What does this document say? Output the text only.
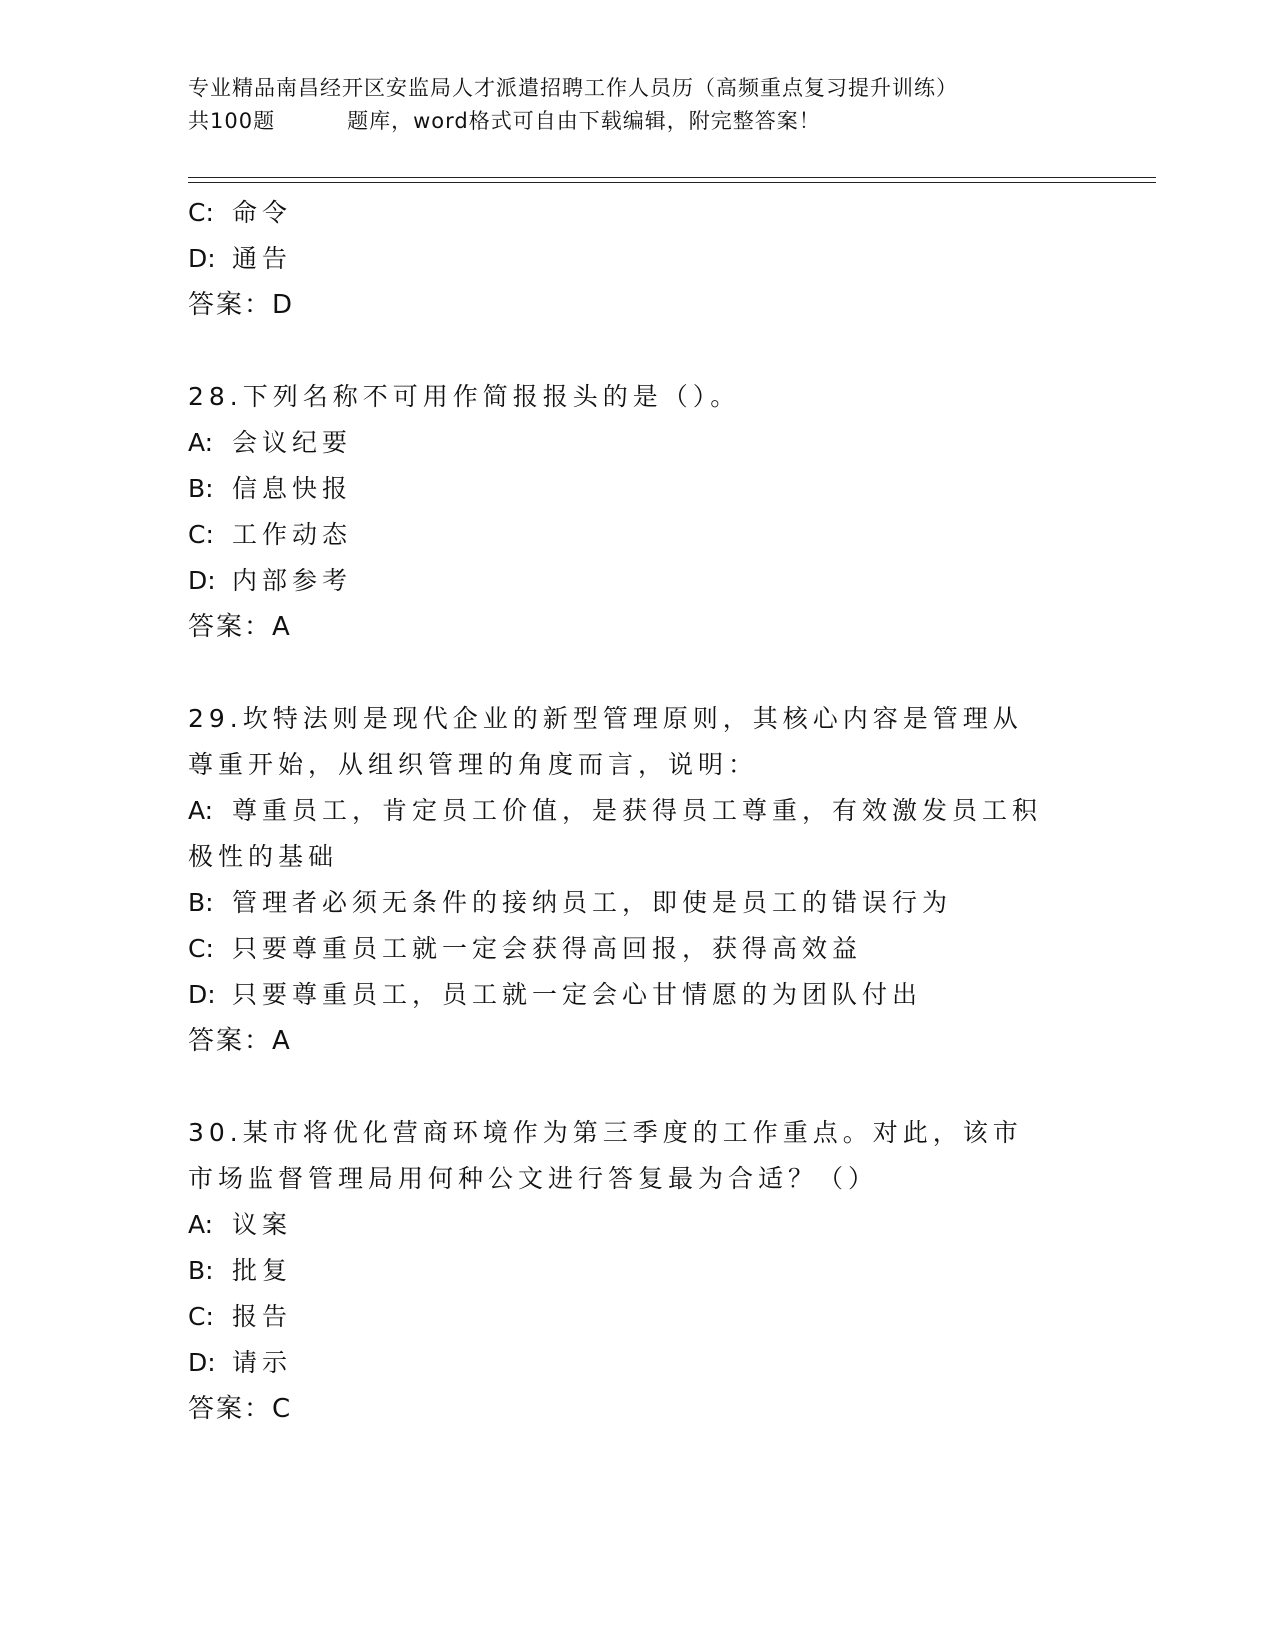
专业精品南昌经开区安监局人才派遣招聘工作人员历（高频重点复习提升训练）
共100题	题库，word格式可自由下载编辑，附完整答案！
C: 命令
D: 通告
答案：D
28.下列名称不可用作简报报头的是（）。
A: 会议纪要
B: 信息快报
C: 工作动态
D: 内部参考
答案：A
29.坎特法则是现代企业的新型管理原则，其核心内容是管理从尊重开始，从组织管理的角度而言，说明：
A: 尊重员工，肯定员工价值，是获得员工尊重，有效激发员工积极性的基础
B: 管理者必须无条件的接纳员工，即使是员工的错误行为
C: 只要尊重员工就一定会获得高回报，获得高效益
D: 只要尊重员工，员工就一定会心甘情愿的为团队付出
答案：A
30.某市将优化营商环境作为第三季度的工作重点。对此，该市市场监督管理局用何种公文进行答复最为合适？（）
A: 议案
B: 批复
C: 报告
D: 请示
答案：C
